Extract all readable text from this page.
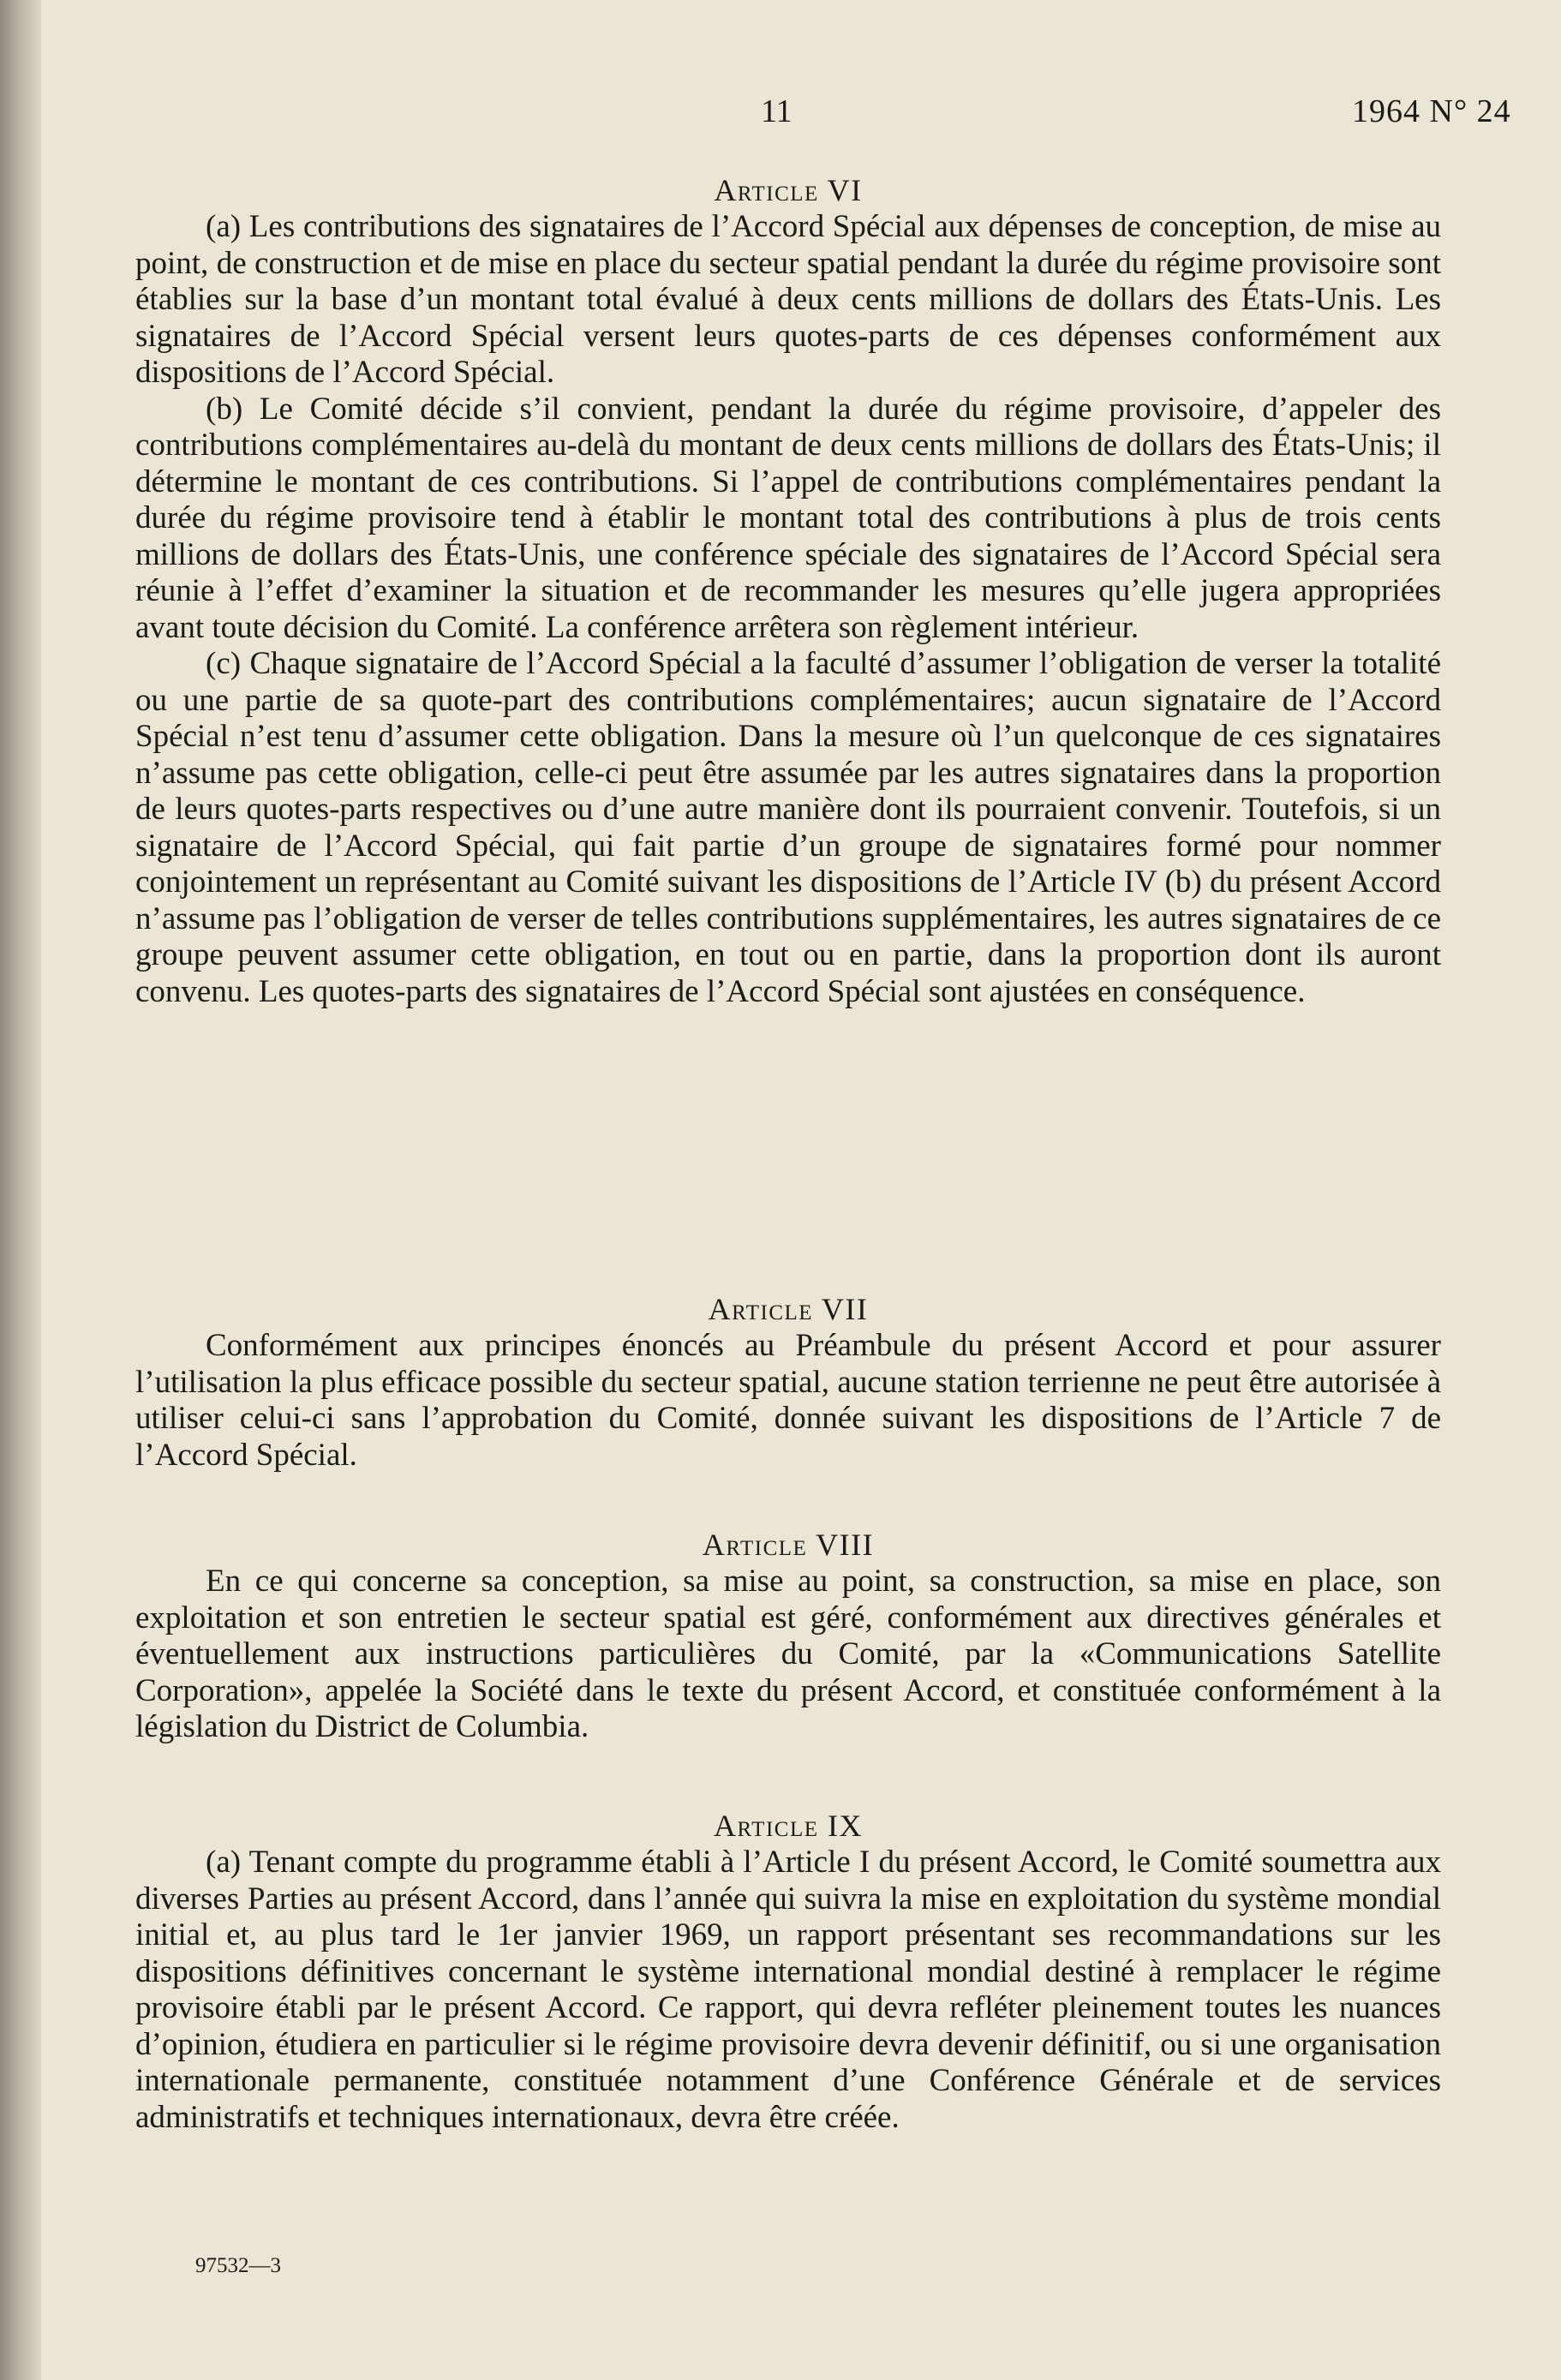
11	1964 N° 24
Article VI

(a) Les contributions des signataires de l’Accord Spécial aux dépenses de conception, de mise au point, de construction et de mise en place du secteur spatial pendant la durée du régime provisoire sont établies sur la base d’un montant total évalué à deux cents millions de dollars des États-Unis. Les signataires de l’Accord Spécial versent leurs quotes-parts de ces dépenses conformément aux dispositions de l’Accord Spécial.

(b) Le Comité décide s’il convient, pendant la durée du régime provisoire, d’appeler des contributions complémentaires au-delà du montant de deux cents millions de dollars des États-Unis; il détermine le montant de ces contributions. Si l’appel de contributions complémentaires pendant la durée du régime provisoire tend à établir le montant total des contributions à plus de trois cents millions de dollars des États-Unis, une conférence spéciale des signataires de l’Accord Spécial sera réunie à l’effet d’examiner la situation et de recommander les mesures qu’elle jugera appropriées avant toute décision du Comité. La conférence arrêtera son règlement intérieur.

(c) Chaque signataire de l’Accord Spécial a la faculté d’assumer l’obligation de verser la totalité ou une partie de sa quote-part des contributions complémentaires; aucun signataire de l’Accord Spécial n’est tenu d’assumer cette obligation. Dans la mesure où l’un quelconque de ces signataires n’assume pas cette obligation, celle-ci peut être assumée par les autres signataires dans la proportion de leurs quotes-parts respectives ou d’une autre manière dont ils pourraient convenir. Toutefois, si un signataire de l’Accord Spécial, qui fait partie d’un groupe de signataires formé pour nommer conjointement un représentant au Comité suivant les dispositions de l’Article IV (b) du présent Accord n’assume pas l’obligation de verser de telles contributions supplémentaires, les autres signataires de ce groupe peuvent assumer cette obligation, en tout ou en partie, dans la proportion dont ils auront convenu. Les quotes-parts des signataires de l’Accord Spécial sont ajustées en conséquence.

Article VII

Conformément aux principes énoncés au Préambule du présent Accord et pour assurer l’utilisation la plus efficace possible du secteur spatial, aucune station terrienne ne peut être autorisée à utiliser celui-ci sans l’approbation du Comité, donnée suivant les dispositions de l’Article 7 de l’Accord Spécial.

Article VIII

En ce qui concerne sa conception, sa mise au point, sa construction, sa mise en place, son exploitation et son entretien le secteur spatial est géré, conformément aux directives générales et éventuellement aux instructions particulières du Comité, par la «Communications Satellite Corporation», appelée la Société dans le texte du présent Accord, et constituée conformément à la législation du District de Columbia.

Article IX

(a) Tenant compte du programme établi à l’Article I du présent Accord, le Comité soumettra aux diverses Parties au présent Accord, dans l’année qui suivra la mise en exploitation du système mondial initial et, au plus tard le 1er janvier 1969, un rapport présentant ses recommandations sur les dispositions définitives concernant le système international mondial destiné à remplacer le régime provisoire établi par le présent Accord. Ce rapport, qui devra refléter pleinement toutes les nuances d’opinion, étudiera en particulier si le régime provisoire devra devenir définitif, ou si une organisation internationale permanente, constituée notamment d’une Conférence Générale et de services administratifs et techniques internationaux, devra être créée.

97532—3
